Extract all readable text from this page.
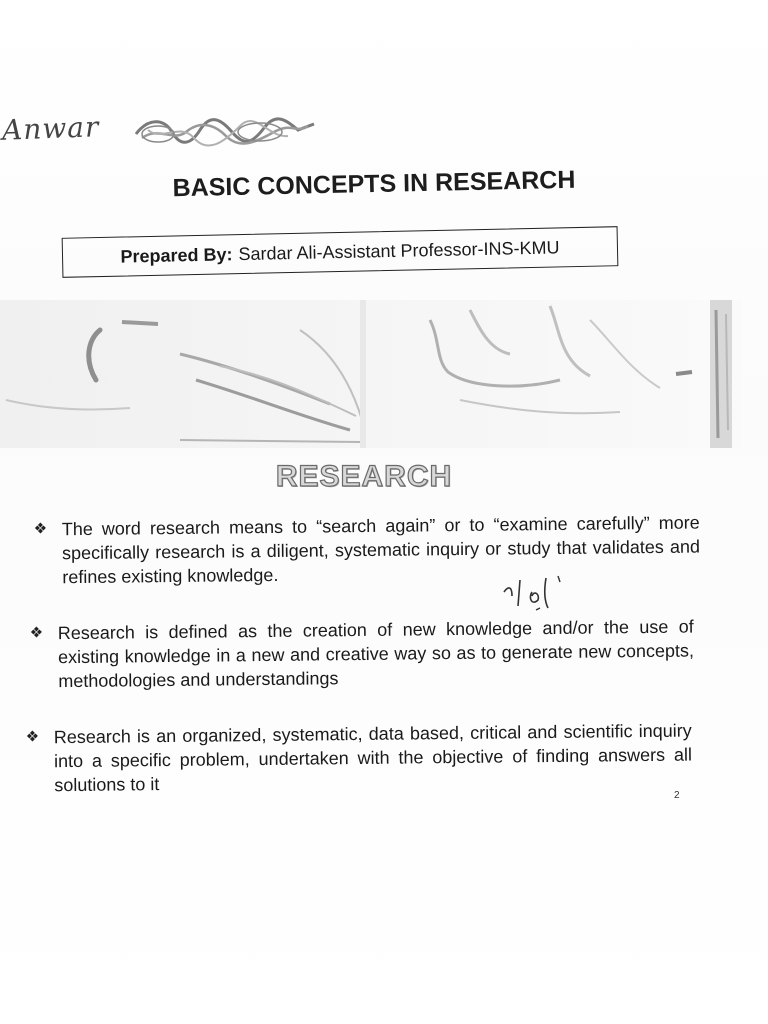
Anwar
BASIC CONCEPTS IN RESEARCH
Prepared By: Sardar Ali-Assistant Professor-INS-KMU
RESEARCH
❖ The word research means to “search again” or to “examine carefully” more specifically research is a diligent, systematic inquiry or study that validates and refines existing knowledge.
❖ Research is defined as the creation of new knowledge and/or the use of existing knowledge in a new and creative way so as to generate new concepts, methodologies and understandings
❖ Research is an organized, systematic, data based, critical and scientific inquiry into a specific problem, undertaken with the objective of finding answers all solutions to it
2
